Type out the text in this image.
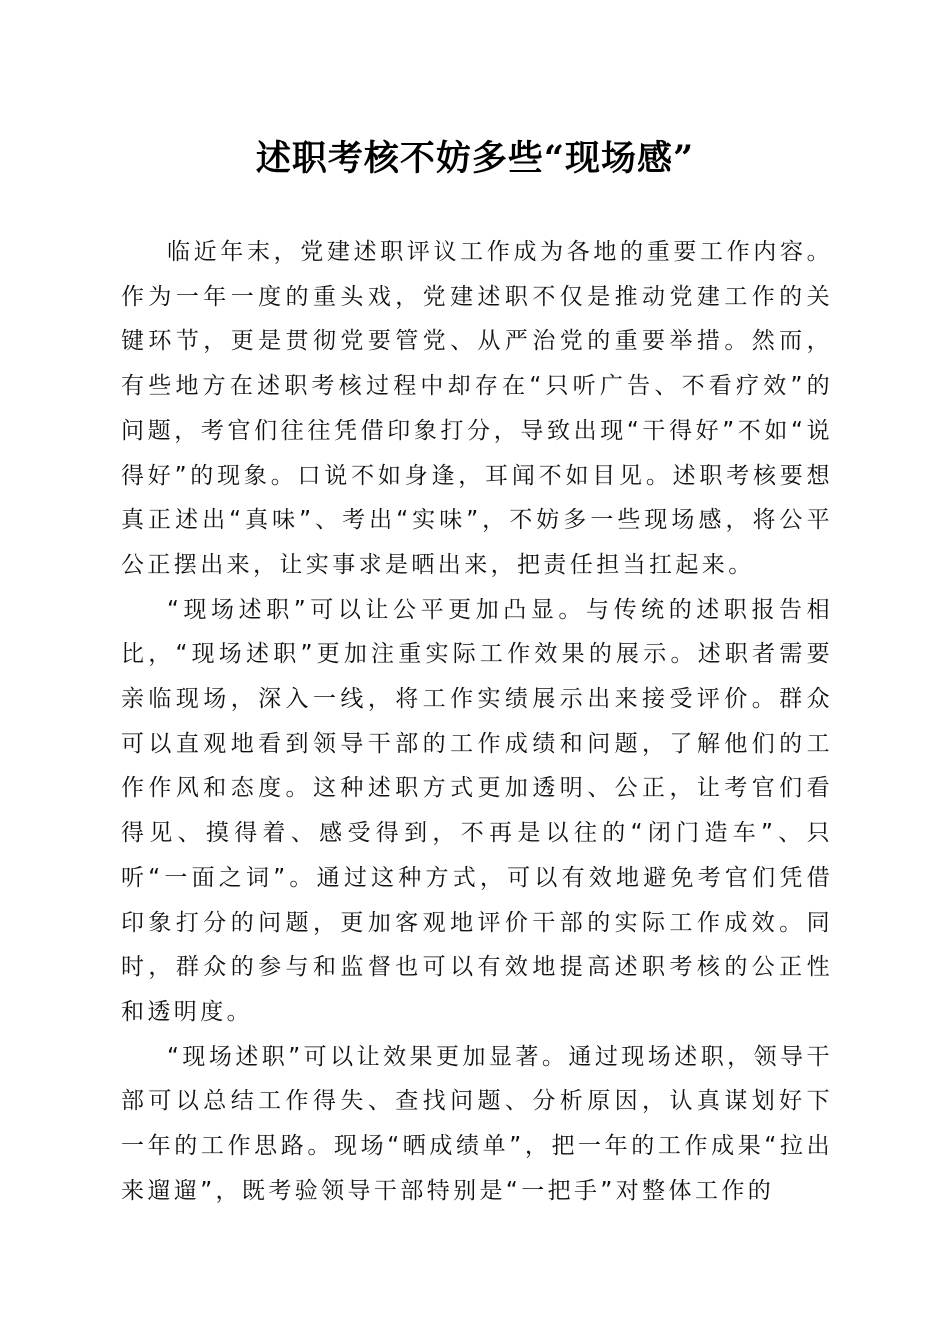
述职考核不妨多些“现场感”

临近年末，党建述职评议工作成为各地的重要工作内容。作为一年一度的重头戏，党建述职不仅是推动党建工作的关键环节，更是贯彻党要管党、从严治党的重要举措。然而，有些地方在述职考核过程中却存在“只听广告、不看疗效”的问题，考官们往往凭借印象打分，导致出现“干得好”不如“说得好”的现象。口说不如身逢，耳闻不如目见。述职考核要想真正述出“真味”、考出“实味”，不妨多一些现场感，将公平公正摆出来，让实事求是晒出来，把责任担当扛起来。

“现场述职”可以让公平更加凸显。与传统的述职报告相比，“现场述职”更加注重实际工作效果的展示。述职者需要亲临现场，深入一线，将工作实绩展示出来接受评价。群众可以直观地看到领导干部的工作成绩和问题，了解他们的工作作风和态度。这种述职方式更加透明、公正，让考官们看得见、摸得着、感受得到，不再是以往的“闭门造车”、只听“一面之词”。通过这种方式，可以有效地避免考官们凭借印象打分的问题，更加客观地评价干部的实际工作成效。同时，群众的参与和监督也可以有效地提高述职考核的公正性和透明度。

“现场述职”可以让效果更加显著。通过现场述职，领导干部可以总结工作得失、查找问题、分析原因，认真谋划好下一年的工作思路。现场“晒成绩单”，把一年的工作成果“拉出来遛遛”，既考验领导干部特别是“一把手”对整体工作的
